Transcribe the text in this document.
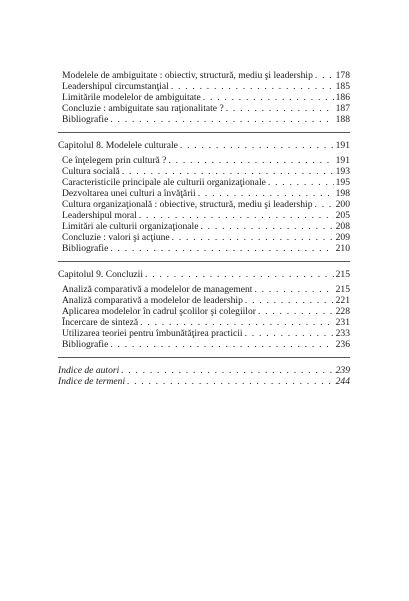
Modelele de ambiguitate : obiectiv, structură, mediu şi leadership . . . 178
Leadershipul circumstanţial . . .	185
Limitările modelelor de ambiguitate . . .	186
Concluzie : ambiguitate sau raţionalitate ? . . .	187
Bibliografie . . .	188
Capitolul 8. Modelele culturale . . .	191
Ce înţelegem prin cultură ? . . .	191
Cultura socială . . .	193
Caracteristicile principale ale culturii organizaţionale . . .	195
Dezvoltarea unei culturi a învăţării . . .	198
Cultura organizaţională : obiective, structură, mediu şi leadership . . . 200
Leadershipul moral . . .	205
Limitări ale culturii organizaţionale . . .	208
Concluzie : valori şi acţiune . . .	209
Bibliografie . . .	210
Capitolul 9. Concluzii . . .	215
Analiză comparativă a modelelor de management . . .	215
Analiză comparativă a modelelor de leadership . . .	221
Aplicarea modelelor în cadrul şcolilor şi colegiilor . . .	228
Încercare de sinteză . . .	231
Utilizarea teoriei pentru îmbunătăţirea practicii . . .	233
Bibliografie . . .	236
Indice de autori . . .	239
Indice de termeni . . .	244
